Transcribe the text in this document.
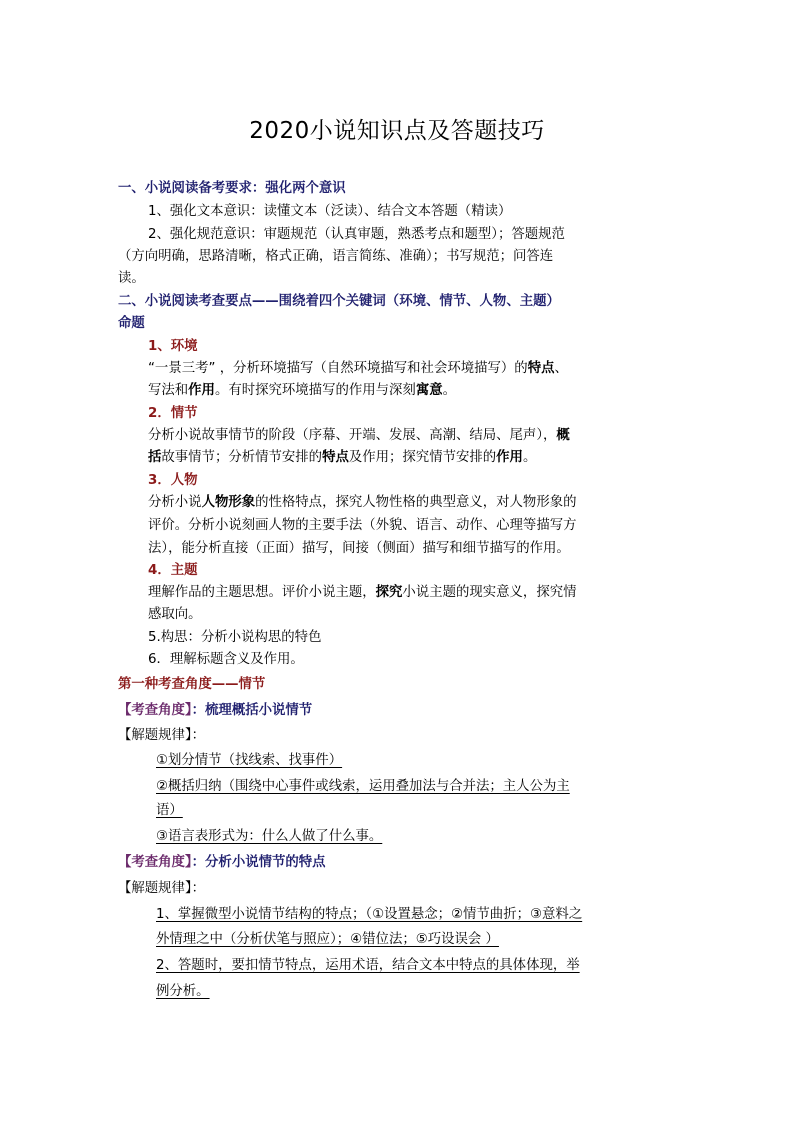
2020小说知识点及答题技巧
一、小说阅读备考要求：强化两个意识
1、强化文本意识：读懂文本（泛读）、结合文本答题（精读）
2、强化规范意识：审题规范（认真审题，熟悉考点和题型）；答题规范
（方向明确，思路清晰，格式正确，语言简练、准确）；书写规范；问答连
读。
二、小说阅读考查要点——围绕着四个关键词（环境、情节、人物、主题）
命题
1、环境
“一景三考” ，分析环境描写（自然环境描写和社会环境描写）的特点、
写法和作用。有时探究环境描写的作用与深刻寓意。
2．情节
分析小说故事情节的阶段（序幕、开端、发展、高潮、结局、尾声），概
括故事情节；分析情节安排的特点及作用；探究情节安排的作用。
3．人物
分析小说人物形象的性格特点，探究人物性格的典型意义，对人物形象的
评价。分析小说刻画人物的主要手法（外貌、语言、动作、心理等描写方
法），能分析直接（正面）描写，间接（侧面）描写和细节描写的作用。
4．主题
理解作品的主题思想。评价小说主题，探究小说主题的现实意义，探究情
感取向。
5.构思：分析小说构思的特色
6．理解标题含义及作用。
第一种考查角度——情节
【考查角度】：梳理概括小说情节
【解题规律】：
①划分情节（找线索、找事件）
②概括归纳（围绕中心事件或线索，运用叠加法与合并法；主人公为主
语）
③语言表形式为：什么人做了什么事。
【考查角度】：分析小说情节的特点
【解题规律】：
1、掌握微型小说情节结构的特点；（①设置悬念；②情节曲折；③意料之
外情理之中（分析伏笔与照应）；④错位法；⑤巧设误会 ）
2、答题时，要扣情节特点，运用术语，结合文本中特点的具体体现，举
例分析。
